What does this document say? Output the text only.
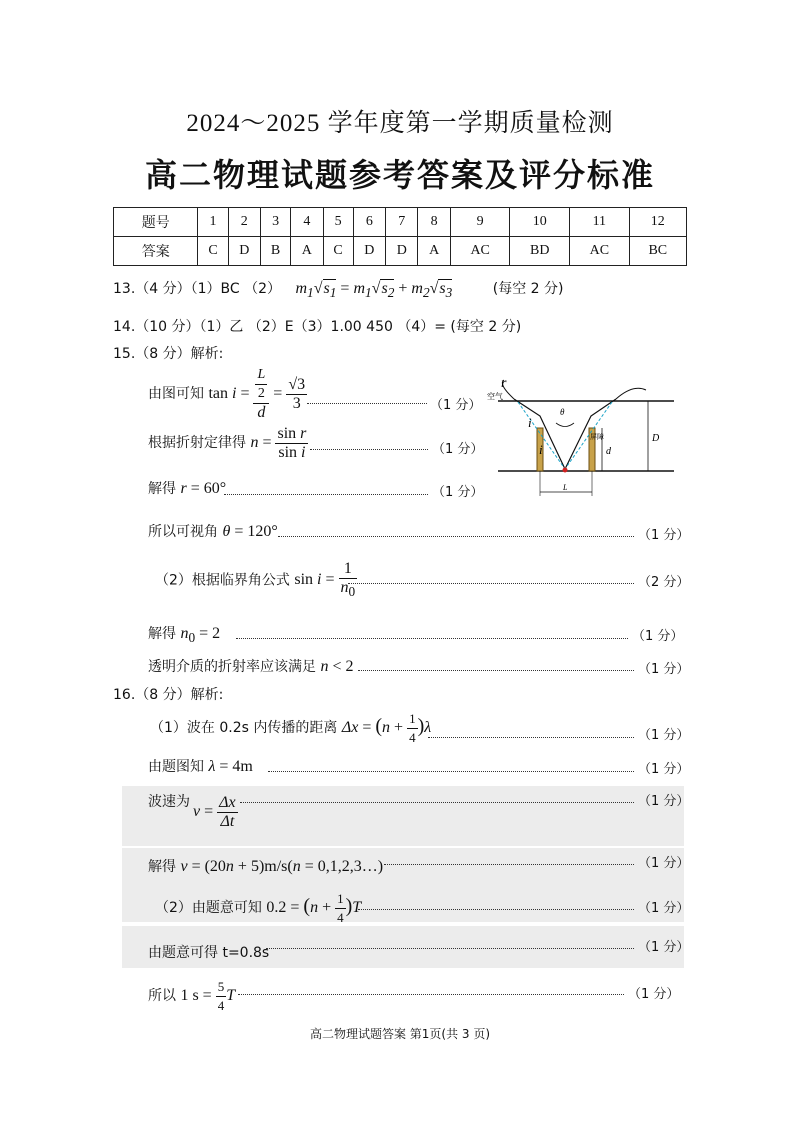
2024～2025 学年度第一学期质量检测
高二物理试题参考答案及评分标准
题号	1	2	3	4	5	6	7	8	9	10	11	12
答案	C	D	B	A	C	D	D	A	AC	BD	AC	BC
13.（4 分）（1）BC （2） $m_1√s_1 = m_1√s_2 + m_2√s_3$	(每空 2 分)
14.（10 分）（1）乙 （2）E（3）1.00 450 （4）= (每空 2 分)
15.（8 分）解析:
由图可知 $\tan i = \frac{\frac{L}{2}}{d} = \frac{√3}{3}$	（1 分）
根据折射定律得 $n = \frac{\text{sin r}}{\text{sin i}}$	（1 分）
解得 r = 60°	（1 分）
所以可视角 θ = 120°	（1 分）
（2）根据临界角公式 $\sin i = \frac{1}{n_0}$	（2 分）
解得 $n_0 = 2$	（1 分）
透明介质的折射率应该满足 n < 2	（1 分）
空气
屏障
r
i
i
θ
d
D
L
16.（8 分）解析:
（1）波在 0.2s 内传播的距离 $\Delta x = (n + \frac{1}{4} )\lambda$	（1 分）
由题图知 λ = 4m	（1 分）
波速为
$v = \frac{\Delta x}{\Delta t}$	（1 分）
解得 v = (20n + 5)m/s(n = 0,1,2,3…)	（1 分）
（2）由题意可知 $0.2 = (n + \frac{1}{4} )T$	（1 分）
由题意可得 t=0.8s	（1 分）
所以 1 $s = \frac{5}{4}$ T	（1 分）
高二物理试题答案 第1页(共 3 页)
